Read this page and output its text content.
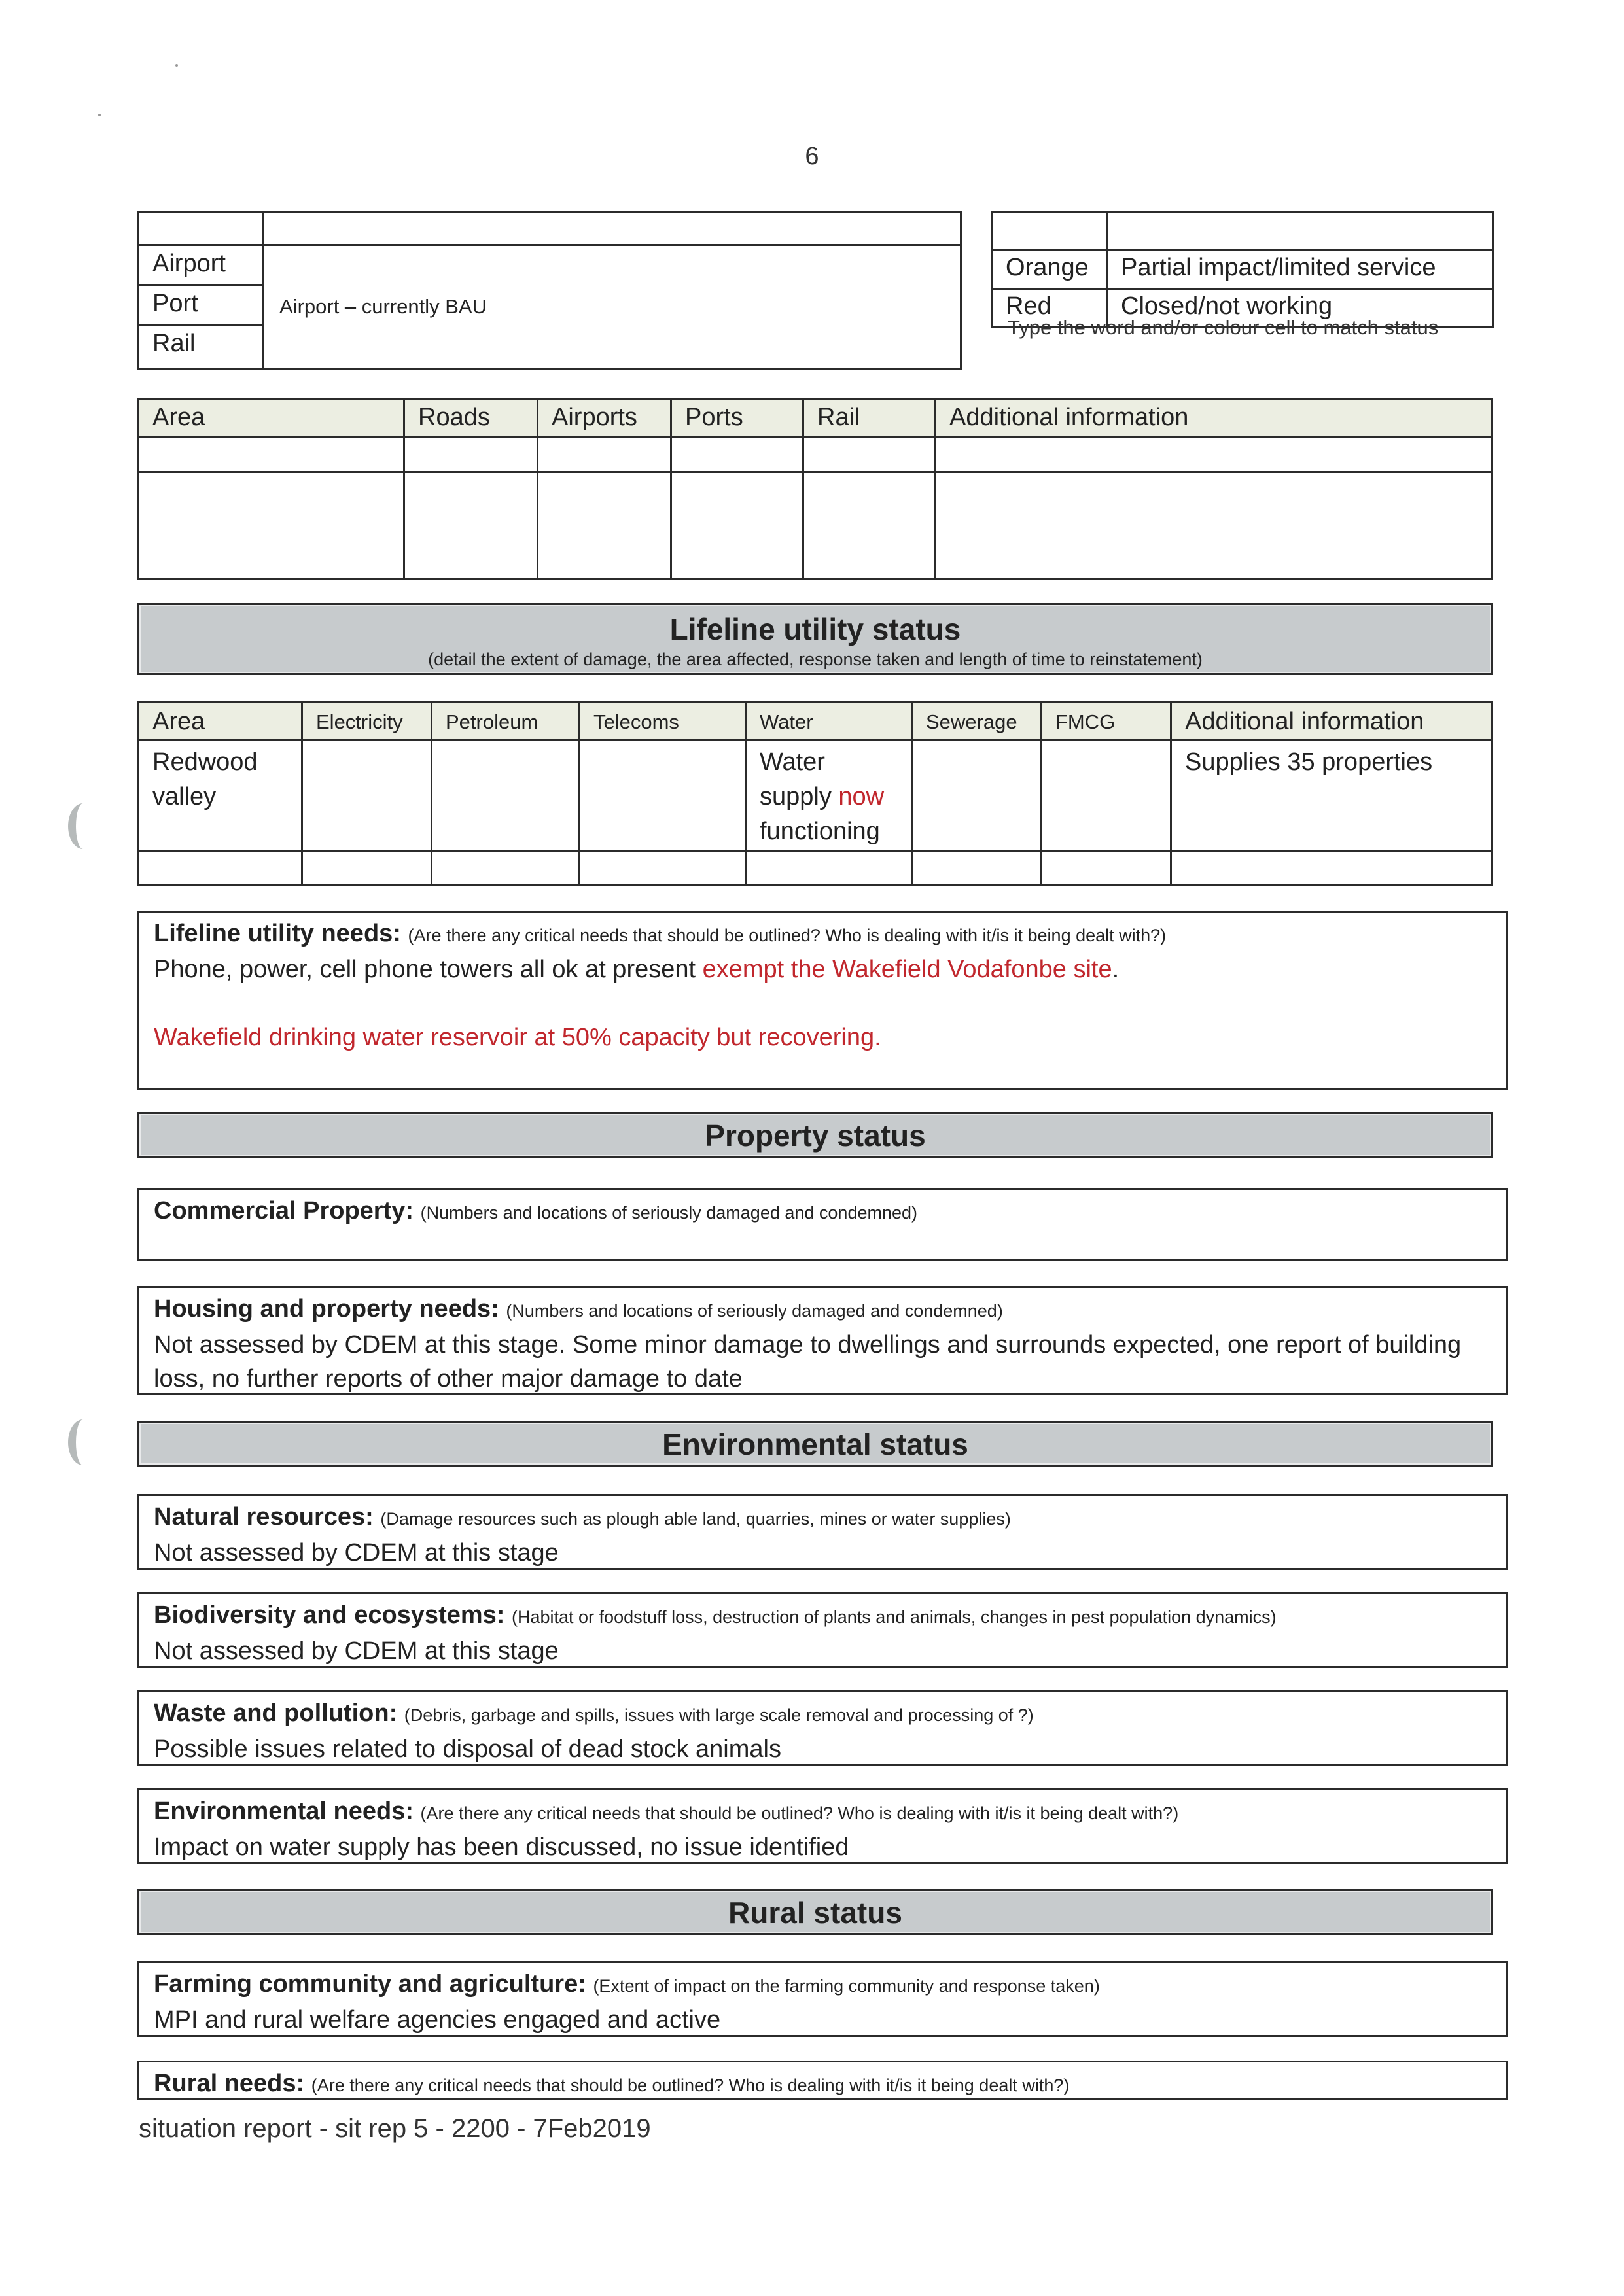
6

Airport	Airport – currently BAU
Port	
Rail	

Orange	Partial impact/limited service
Red	Closed/not working
Type the word and/or colour cell to match status
Area	Roads	Airports	Ports	Rail	Additional information

Lifeline utility status
(detail the extent of damage, the area affected, response taken and length of time to reinstatement)
Area	Electricity	Petroleum	Telecoms	Water	Sewerage	FMCG	Additional information
Redwood valley				Water supply now functioning			Supplies 35 properties

Lifeline utility needs: (Are there any critical needs that should be outlined? Who is dealing with it/is it being dealt with?)
Phone, power, cell phone towers all ok at present exempt the Wakefield Vodafonbe site.
Wakefield drinking water reservoir at 50% capacity but recovering.
Property status
Commercial Property: (Numbers and locations of seriously damaged and condemned)
Housing and property needs: (Numbers and locations of seriously damaged and condemned)
Not assessed by CDEM at this stage. Some minor damage to dwellings and surrounds expected, one report of building loss, no further reports of other major damage to date
Environmental status
Natural resources: (Damage resources such as plough able land, quarries, mines or water supplies)
Not assessed by CDEM at this stage
Biodiversity and ecosystems: (Habitat or foodstuff loss, destruction of plants and animals, changes in pest population dynamics)
Not assessed by CDEM at this stage
Waste and pollution: (Debris, garbage and spills, issues with large scale removal and processing of ?)
Possible issues related to disposal of dead stock animals
Environmental needs: (Are there any critical needs that should be outlined? Who is dealing with it/is it being dealt with?)
Impact on water supply has been discussed, no issue identified
Rural status
Farming community and agriculture: (Extent of impact on the farming community and response taken)
MPI and rural welfare agencies engaged and active
Rural needs: (Are there any critical needs that should be outlined? Who is dealing with it/is it being dealt with?)
situation report - sit rep 5 - 2200 - 7Feb2019
